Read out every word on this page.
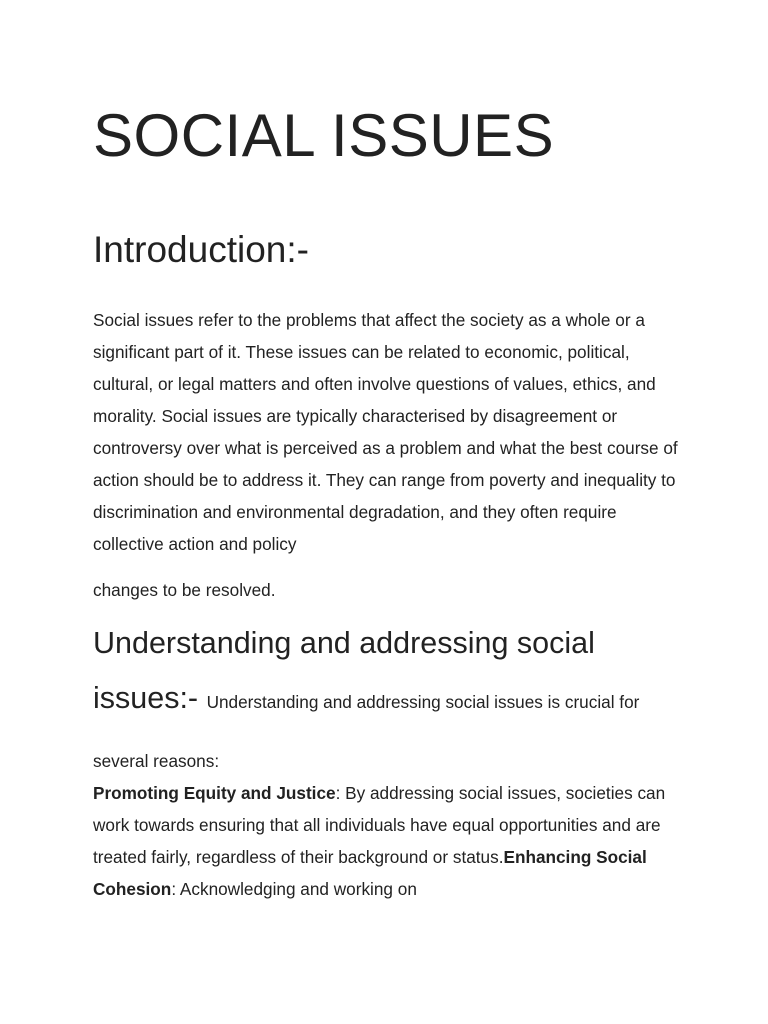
SOCIAL ISSUES
Introduction:-

Social issues refer to the problems that affect the society as a whole or a significant part of it. These issues can be related to economic, political, cultural, or legal matters and often involve questions of values, ethics, and morality. Social issues are typically characterised by disagreement or controversy over what is perceived as a problem and what the best course of action should be to address it. They can range from poverty and inequality to discrimination and environmental degradation, and they often require collective action and policy

changes to be resolved.

Understanding and addressing social issues:- Understanding and addressing social issues is crucial for several reasons:

Promoting Equity and Justice: By addressing social issues, societies can work towards ensuring that all individuals have equal opportunities and are treated fairly, regardless of their background or status.Enhancing Social Cohesion: Acknowledging and working on
